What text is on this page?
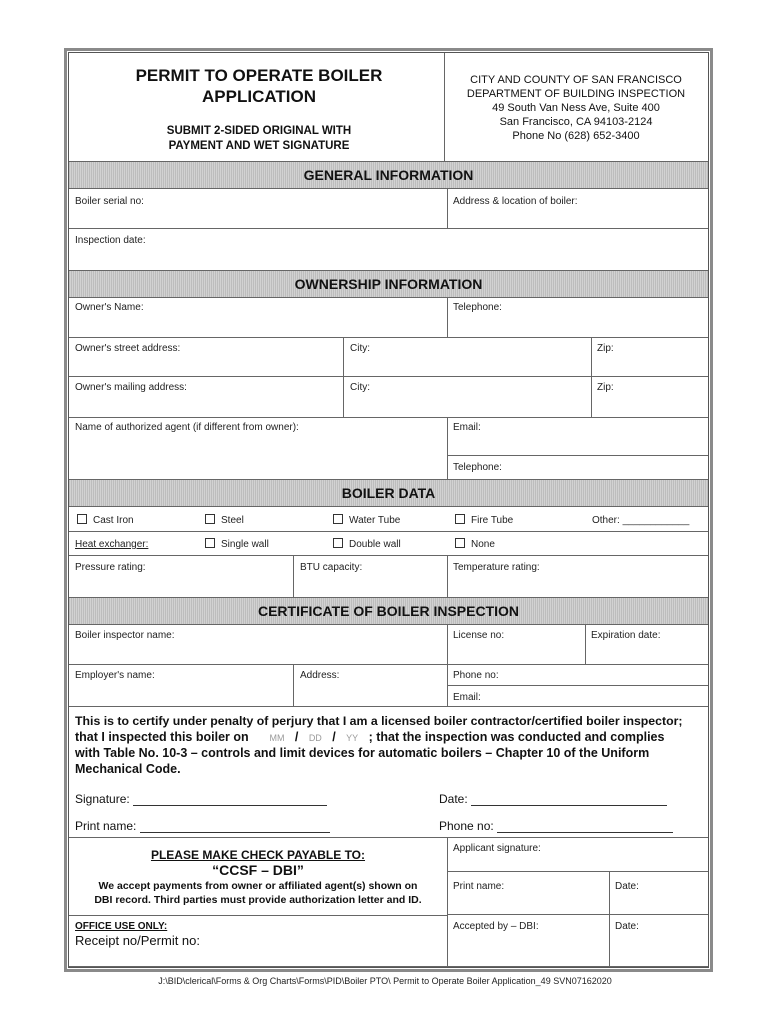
PERMIT TO OPERATE BOILER
APPLICATION
SUBMIT 2-SIDED ORIGINAL WITH
PAYMENT AND WET SIGNATURE
CITY AND COUNTY OF SAN FRANCISCO
DEPARTMENT OF BUILDING INSPECTION
49 South Van Ness Ave, Suite 400
San Francisco, CA 94103-2124
Phone No (628) 652-3400
GENERAL INFORMATION
Boiler serial no:	Address & location of boiler:
Inspection date:
OWNERSHIP INFORMATION
Owner's Name:	Telephone:
Owner's street address:	City:	Zip:
Owner's mailing address:	City:	Zip:
Name of authorized agent (if different from owner):	Email:
Telephone:
BOILER DATA
Cast Iron	Steel	Water Tube	Fire Tube	Other: ____________
Heat exchanger:	Single wall	Double wall	None
Pressure rating:	BTU capacity:	Temperature rating:
CERTIFICATE OF BOILER INSPECTION
Boiler inspector name:	License no:	Expiration date:
Employer's name:	Address:	Phone no:
Email:
This is to certify under penalty of perjury that I am a licensed boiler contractor/certified boiler inspector;
that I inspected this boiler on MM / DD / YY ; that the inspection was conducted and complies
with Table No. 10-3 – controls and limit devices for automatic boilers – Chapter 10 of the Uniform
Mechanical Code.
Signature:	Date:
Print name:	Phone no:
PLEASE MAKE CHECK PAYABLE TO:
“CCSF – DBI”
We accept payments from owner or affiliated agent(s) shown on
DBI record. Third parties must provide authorization letter and ID.
OFFICE USE ONLY:
Receipt no/Permit no:
Applicant signature:
Print name:	Date:
Accepted by – DBI:	Date:
J:\BID\clerical\Forms & Org Charts\Forms\PID\Boiler PTO\ Permit to Operate Boiler Application_49 SVN07162020
